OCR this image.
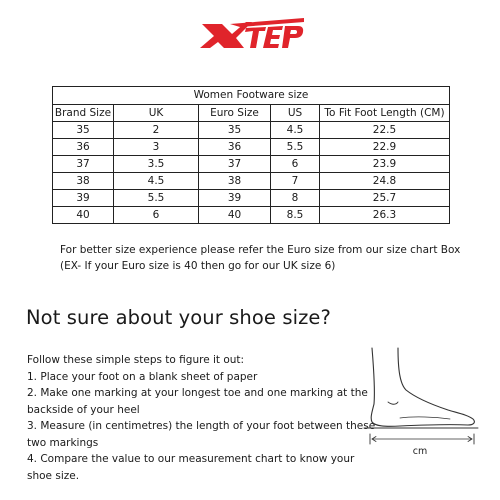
Women Footware size				
Brand Size	UK	Euro Size	US	To Fit Foot Length (CM)
35	2	35	4.5	22.5
36	3	36	5.5	22.9
37	3.5	37	6	23.9
38	4.5	38	7	24.8
39	5.5	39	8	25.7
40	6	40	8.5	26.3
For better size experience please refer the Euro size from our size chart Box
(EX- If your Euro size is 40 then go for our UK size 6)
Not sure about your shoe size?
Follow these simple steps to figure it out:
1. Place your foot on a blank sheet of paper
2. Make one marking at your longest toe and one marking at the
backside of your heel
3. Measure (in centimetres) the length of your foot between these
two markings
4. Compare the value to our measurement chart to know your
shoe size.
cm
